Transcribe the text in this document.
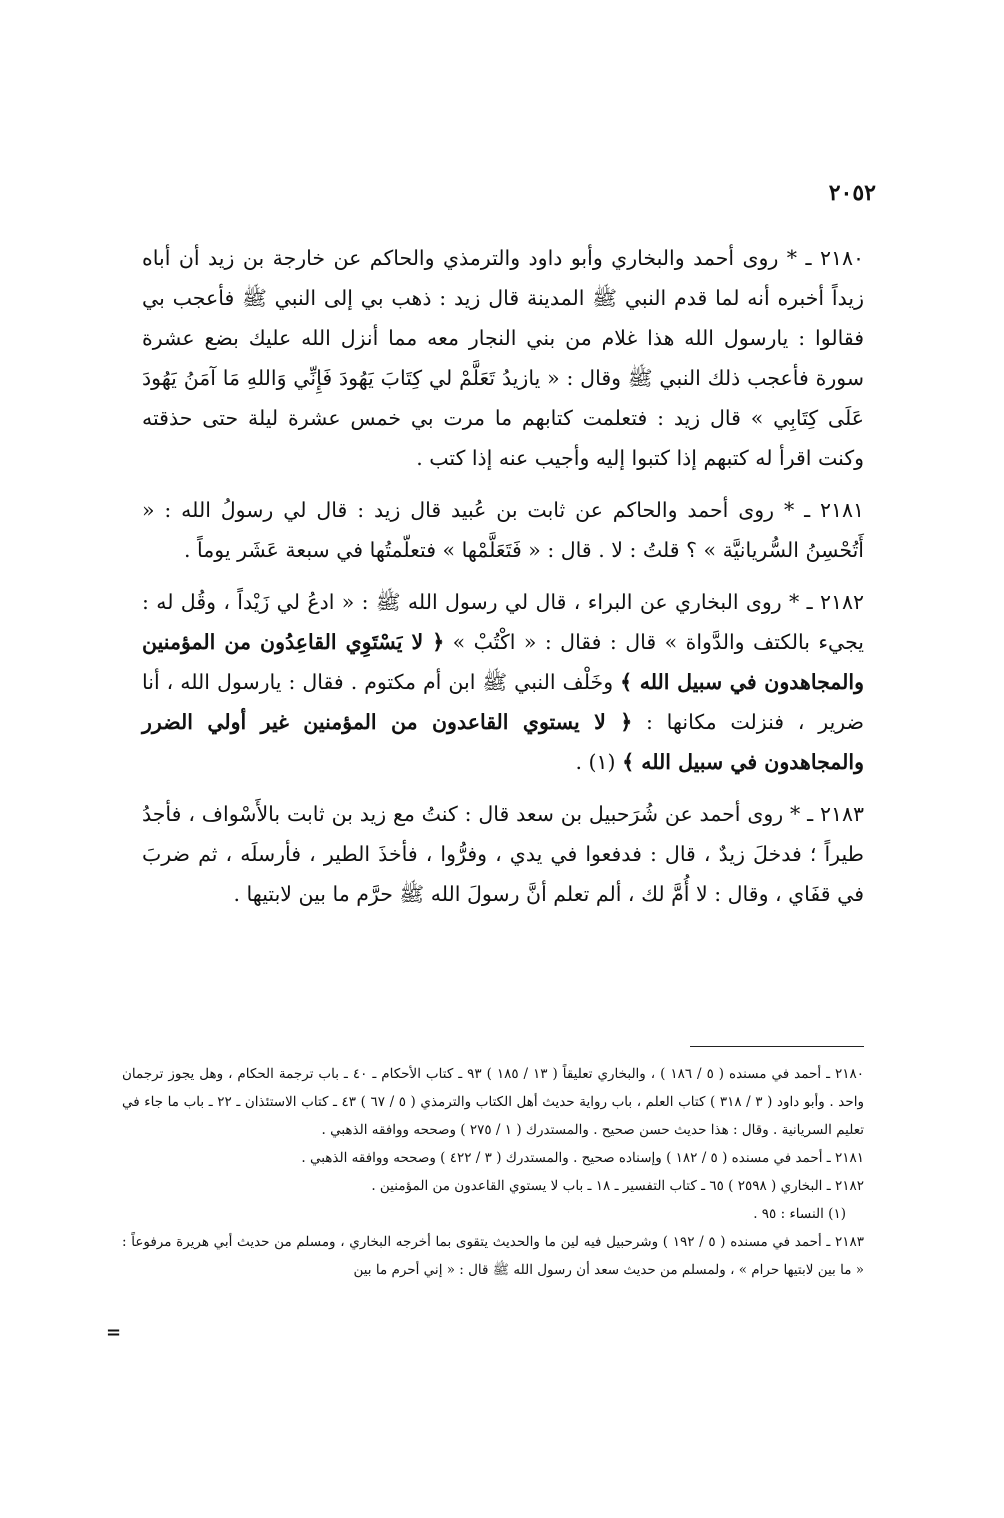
٢٠٥٢

٢١٨٠ ـ * روى أحمد والبخاري وأبو داود والترمذي والحاكم عن خارجة بن زيد أن أباه زيداً أخبره أنه لما قدم النبي ﷺ المدينة قال زيد : ذهب بي إلى النبي ﷺ فأعجب بي فقالوا : يارسول الله هذا غلام من بني النجار معه مما أنزل الله عليك بضع عشرة سورة فأعجب ذلك النبي ﷺ وقال : « يازيدُ تَعَلَّمْ لي كِتَابَ يَهُودَ فَإِنِّي وَاللهِ مَا آمَنُ يَهُودَ عَلَى كِتَابِي » قال زيد : فتعلمت كتابهم ما مرت بي خمس عشرة ليلة حتى حذقته وكنت اقرأ له كتبهم إذا كتبوا إليه وأجيب عنه إذا كتب .

٢١٨١ ـ * روى أحمد والحاكم عن ثابت بن عُبيد قال زيد : قال لي رسولُ الله : « أَتُحْسِنُ السُّريانيَّة » ؟ قلتُ : لا . قال : « فَتَعَلَّمْها » فتعلّمتُها في سبعة عَشَر يوماً .

٢١٨٢ ـ * روى البخاري عن البراء ، قال لي رسول الله ﷺ : « ادعُ لي زَيْداً ، وقُل له : يجيء بالكتف والدَّواة » قال : فقال : « اكْتُبْ » ﴿ لا يَسْتَوِي القاعِدُون من المؤمنين والمجاهدون في سبيل الله ﴾ وخَلْف النبي ﷺ ابن أم مكتوم . فقال : يارسول الله ، أنا ضرير ، فنزلت مكانها : ﴿ لا يستوي القاعدون من المؤمنين غير أولي الضرر والمجاهدون في سبيل الله ﴾ (١) .

٢١٨٣ ـ * روى أحمد عن شُرَحبيل بن سعد قال : كنتُ مع زيد بن ثابت بالأَسْواف ، فأجدُ طيراً ؛ فدخلَ زيدٌ ، قال : فدفعوا في يدي ، وفرُّوا ، فأخذَ الطير ، فأرسلَه ، ثم ضربَ في قفَاي ، وقال : لا أُمَّ لك ، ألم تعلم أنَّ رسولَ الله ﷺ حرَّم ما بين لابتيها .

٢١٨٠ ـ أحمد في مسنده ( ٥ / ١٨٦ ) ، والبخاري تعليقاً ( ١٣ / ١٨٥ ) ٩٣ ـ كتاب الأحكام ـ ٤٠ ـ باب ترجمة الحكام ، وهل يجوز ترجمان واحد . وأبو داود ( ٣ / ٣١٨ ) كتاب العلم ، باب رواية حديث أهل الكتاب والترمذي ( ٥ / ٦٧ ) ٤٣ ـ كتاب الاستئذان ـ ٢٢ ـ باب ما جاء في تعليم السريانية . وقال : هذا حديث حسن صحيح . والمستدرك ( ١ / ٢٧٥ ) وصححه ووافقه الذهبي .

٢١٨١ ـ أحمد في مسنده ( ٥ / ١٨٢ ) وإسناده صحيح . والمستدرك ( ٣ / ٤٢٢ ) وصححه ووافقه الذهبي .

٢١٨٢ ـ البخاري ( ٢٥٩٨ ) ٦٥ ـ كتاب التفسير ـ ١٨ ـ باب لا يستوي القاعدون من المؤمنين .

(١) النساء : ٩٥ .

٢١٨٣ ـ أحمد في مسنده ( ٥ / ١٩٢ ) وشرحبيل فيه لين ما والحديث يتقوى بما أخرجه البخاري ، ومسلم من حديث أبي هريرة مرفوعاً : « ما بين لابتيها حرام » ، ولمسلم من حديث سعد أن رسول الله ﷺ قال : « إني أحرم ما بين

=
